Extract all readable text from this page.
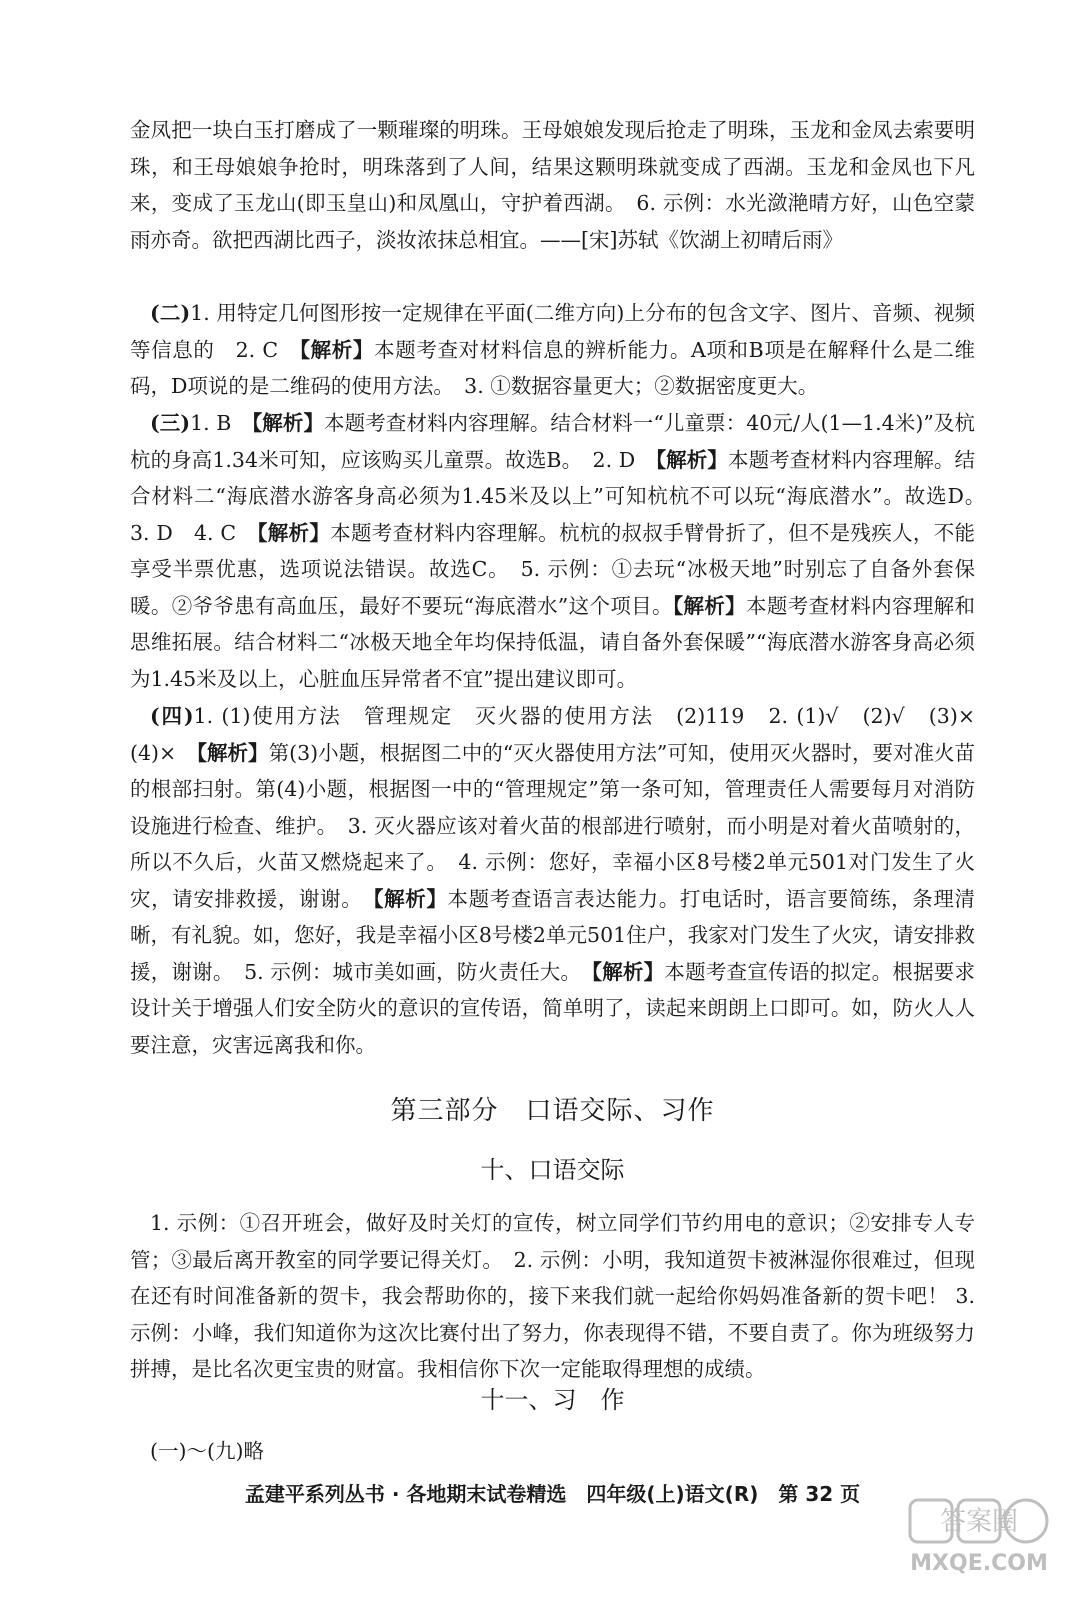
金凤把一块白玉打磨成了一颗璀璨的明珠。王母娘娘发现后抢走了明珠，玉龙和金凤去索要明珠，和王母娘娘争抢时，明珠落到了人间，结果这颗明珠就变成了西湖。玉龙和金凤也下凡来，变成了玉龙山(即玉皇山)和凤凰山，守护着西湖。　6. 示例：水光潋滟晴方好，山色空蒙雨亦奇。欲把西湖比西子，淡妆浓抹总相宜。——[宋]苏轼《饮湖上初晴后雨》

(二)1. 用特定几何图形按一定规律在平面(二维方向)上分布的包含文字、图片、音频、视频等信息的　2. C　【解析】本题考查对材料信息的辨析能力。A项和B项是在解释什么是二维码，D项说的是二维码的使用方法。　3. ①数据容量更大；②数据密度更大。

(三)1. B　【解析】本题考查材料内容理解。结合材料一“儿童票：40元/人(1—1.4米)”及杭杭的身高1.34米可知，应该购买儿童票。故选B。　2. D　【解析】本题考查材料内容理解。结合材料二“海底潜水游客身高必须为1.45米及以上”可知杭杭不可以玩“海底潜水”。故选D。　3. D　4. C　【解析】本题考查材料内容理解。杭杭的叔叔手臂骨折了，但不是残疾人，不能享受半票优惠，选项说法错误。故选C。　5. 示例：①去玩“冰极天地”时别忘了自备外套保暖。②爷爷患有高血压，最好不要玩“海底潜水”这个项目。【解析】本题考查材料内容理解和思维拓展。结合材料二“冰极天地全年均保持低温，请自备外套保暖”“海底潜水游客身高必须为1.45米及以上，心脏血压异常者不宜”提出建议即可。

(四)1. (1)使用方法　管理规定　灭火器的使用方法　(2)119　2. (1)√　(2)√　(3)×　(4)×　【解析】第(3)小题，根据图二中的“灭火器使用方法”可知，使用灭火器时，要对准火苗的根部扫射。第(4)小题，根据图一中的“管理规定”第一条可知，管理责任人需要每月对消防设施进行检查、维护。　3. 灭火器应该对着火苗的根部进行喷射，而小明是对着火苗喷射的，所以不久后，火苗又燃烧起来了。　4. 示例：您好，幸福小区8号楼2单元501对门发生了火灾，请安排救援，谢谢。　【解析】本题考查语言表达能力。打电话时，语言要简练，条理清晰，有礼貌。如，您好，我是幸福小区8号楼2单元501住户，我家对门发生了火灾，请安排救援，谢谢。　5. 示例：城市美如画，防火责任大。　【解析】本题考查宣传语的拟定。根据要求设计关于增强人们安全防火的意识的宣传语，简单明了，读起来朗朗上口即可。如，防火人人要注意，灾害远离我和你。

第三部分　口语交际、习作
十、口语交际

1. 示例：①召开班会，做好及时关灯的宣传，树立同学们节约用电的意识；②安排专人专管；③最后离开教室的同学要记得关灯。　2. 示例：小明，我知道贺卡被淋湿你很难过，但现在还有时间准备新的贺卡，我会帮助你的，接下来我们就一起给你妈妈准备新的贺卡吧！ 3. 示例：小峰，我们知道你为这次比赛付出了努力，你表现得不错，不要自责了。你为班级努力拼搏，是比名次更宝贵的财富。我相信你下次一定能取得理想的成绩。

十一、习　作

(一)～(九)略

孟建平系列丛书 · 各地期末试卷精选　四年级(上)语文(R)　第 32 页
答案圈
MXQE.COM
